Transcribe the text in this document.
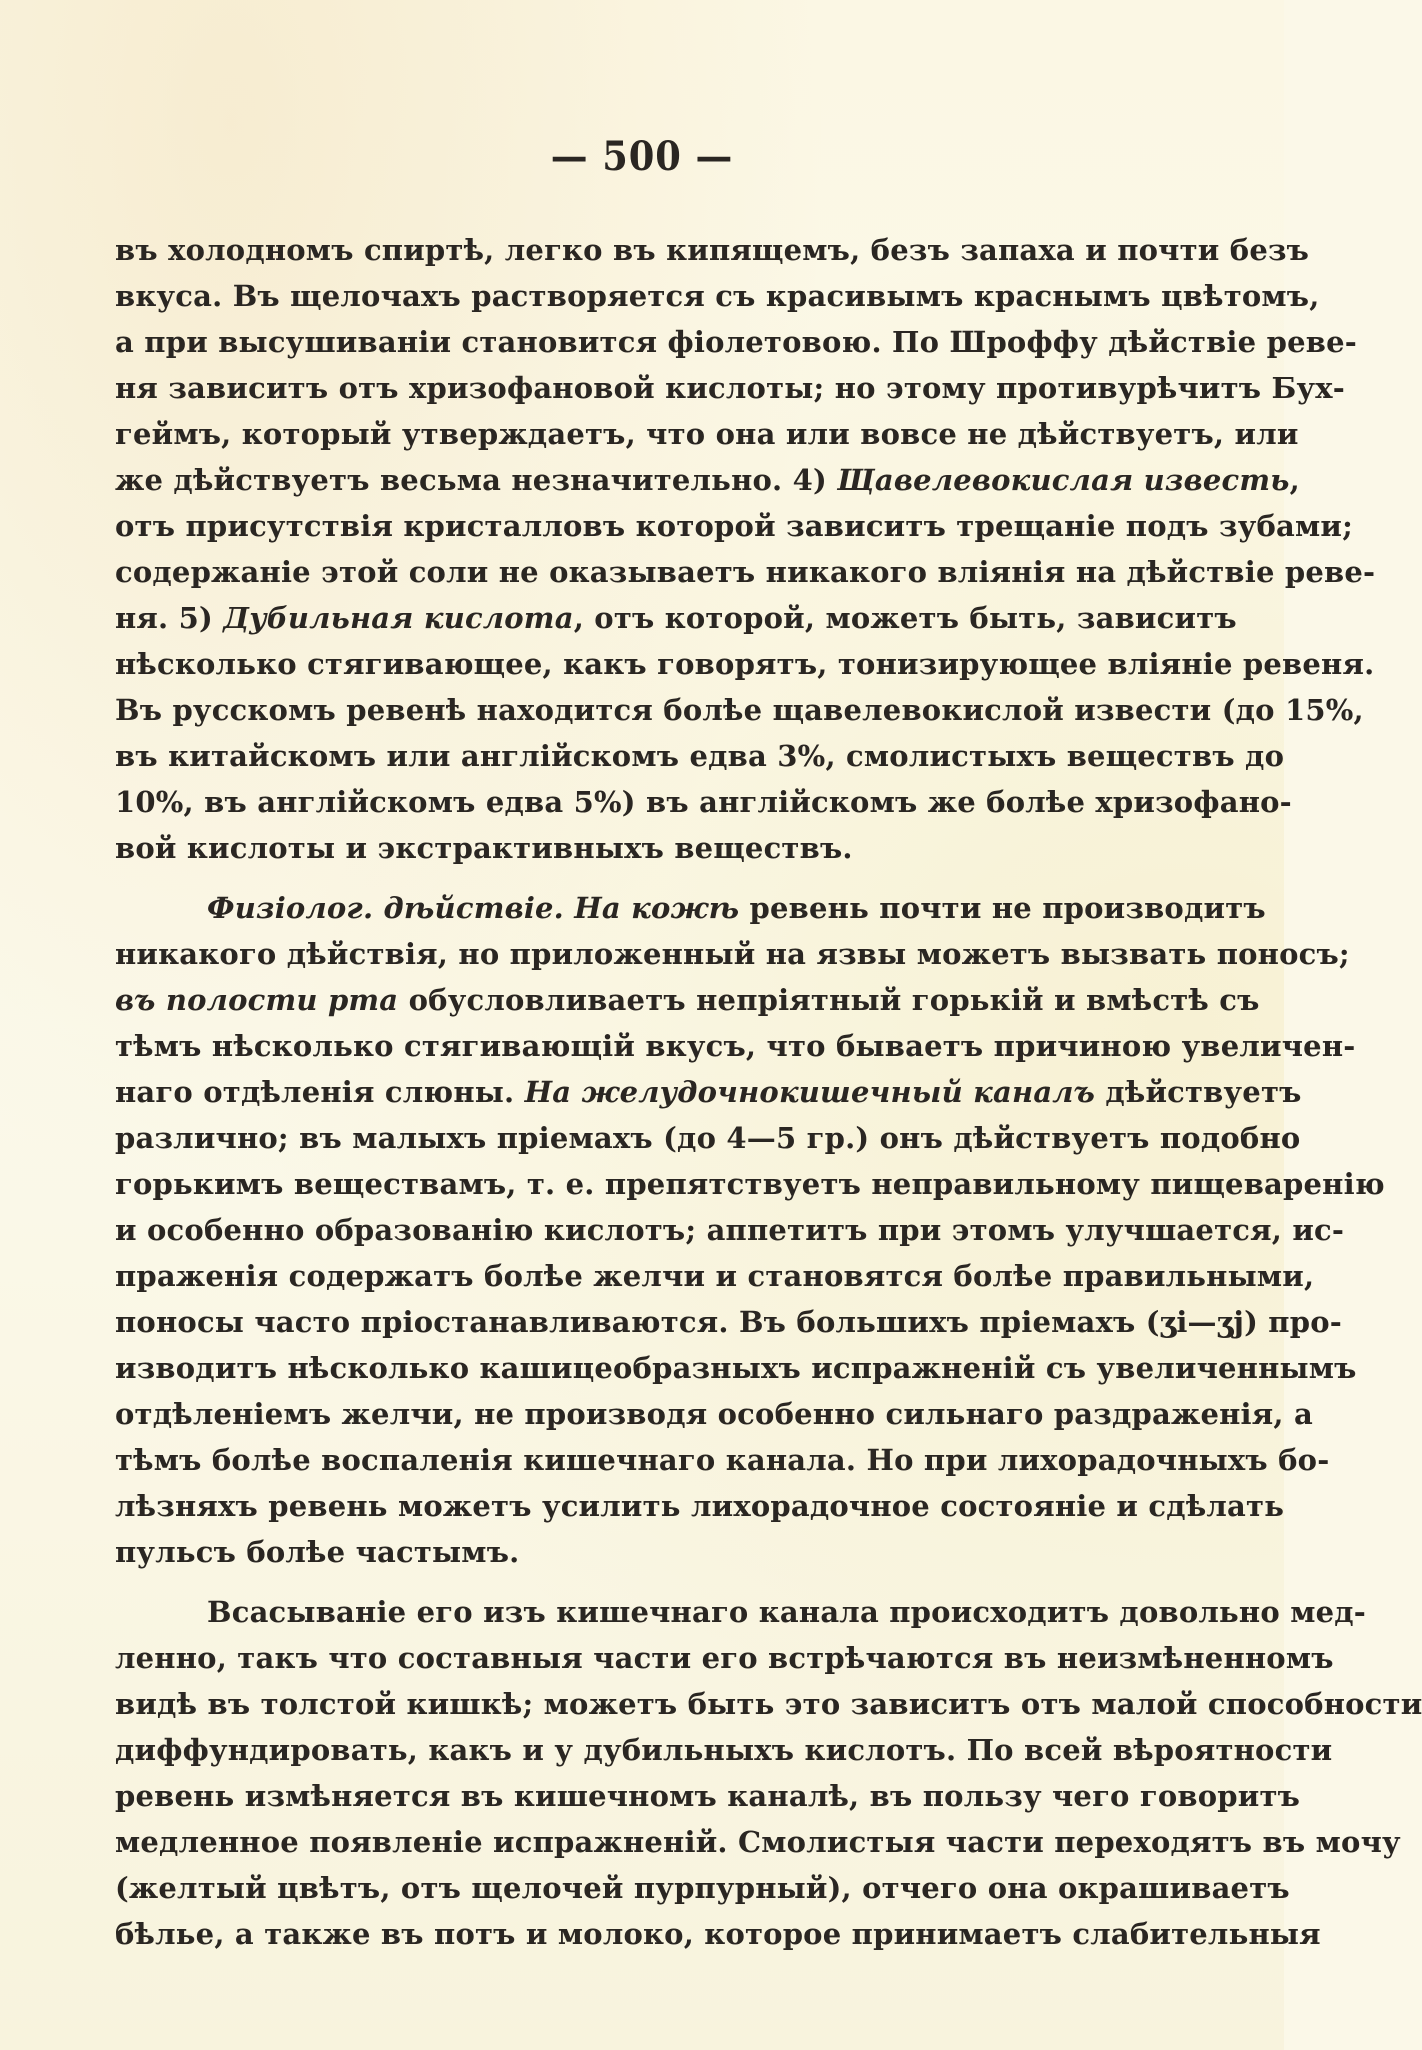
— 500 —
въ холодномъ спиртѣ, легко въ кипящемъ, безъ запаха и почти безъ
вкуса. Въ щелочахъ растворяется съ красивымъ краснымъ цвѣтомъ,
а при высушиваніи становится фіолетовою. По Шроффу дѣйствіе реве-
ня зависитъ отъ хризофановой кислоты; но этому противурѣчитъ Бух-
геймъ, который утверждаетъ, что она или вовсе не дѣйствуетъ, или
же дѣйствуетъ весьма незначительно. 4) Щавелевокислая известь,
отъ присутствія кристалловъ которой зависитъ трещаніе подъ зубами;
содержаніе этой соли не оказываетъ никакого вліянія на дѣйствіе реве-
ня. 5) Дубильная кислота, отъ которой, можетъ быть, зависитъ
нѣсколько стягивающее, какъ говорятъ, тонизирующее вліяніе ревеня.
Въ русскомъ ревенѣ находится болѣе щавелевокислой извести (до 15%,
въ китайскомъ или англійскомъ едва 3%, смолистыхъ веществъ до
10%, въ англійскомъ едва 5%) въ англійскомъ же болѣе хризофано-
вой кислоты и экстрактивныхъ веществъ.
Физіолог. дѣйствіе. На кожѣ ревень почти не производитъ
никакого дѣйствія, но приложенный на язвы можетъ вызвать поносъ;
въ полости рта обусловливаетъ непріятный горькій и вмѣстѣ съ
тѣмъ нѣсколько стягивающій вкусъ, что бываетъ причиною увеличен-
наго отдѣленія слюны. На желудочнокишечный каналъ дѣйствуетъ
различно; въ малыхъ пріемахъ (до 4—5 гр.) онъ дѣйствуетъ подобно
горькимъ веществамъ, т. е. препятствуетъ неправильному пищеваренію
и особенно образованію кислотъ; аппетитъ при этомъ улучшается, ис-
праженія содержатъ болѣе желчи и становятся болѣе правильными,
поносы часто пріостанавливаются. Въ большихъ пріемахъ (ʒi—ʒj) про-
изводитъ нѣсколько кашицеобразныхъ испражненій съ увеличеннымъ
отдѣленіемъ желчи, не производя особенно сильнаго раздраженія, а
тѣмъ болѣе воспаленія кишечнаго канала. Но при лихорадочныхъ бо-
лѣзняхъ ревень можетъ усилить лихорадочное состояніе и сдѣлать
пульсъ болѣе частымъ.
Всасываніе его изъ кишечнаго канала происходитъ довольно мед-
ленно, такъ что составныя части его встрѣчаются въ неизмѣненномъ
видѣ въ толстой кишкѣ; можетъ быть это зависитъ отъ малой способности
диффундировать, какъ и у дубильныхъ кислотъ. По всей вѣроятности
ревень измѣняется въ кишечномъ каналѣ, въ пользу чего говоритъ
медленное появленіе испражненій. Смолистыя части переходятъ въ мочу
(желтый цвѣтъ, отъ щелочей пурпурный), отчего она окрашиваетъ
бѣлье, а также въ потъ и молоко, которое принимаетъ слабительныя
